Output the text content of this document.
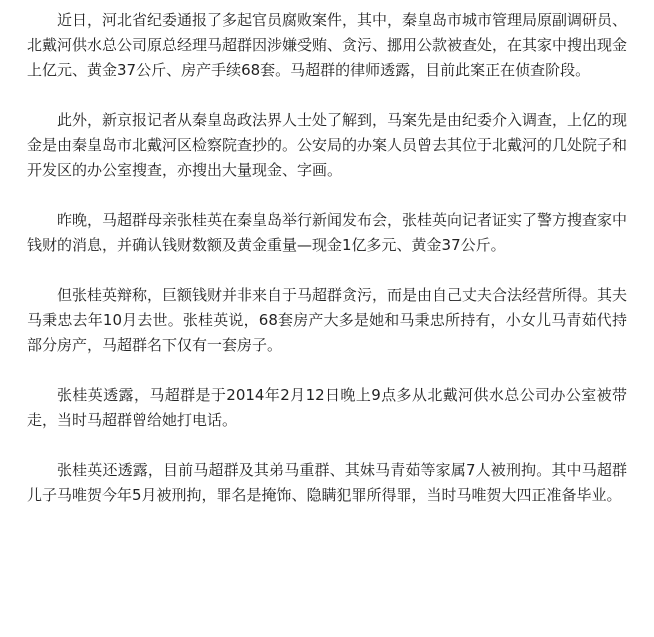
近日，河北省纪委通报了多起官员腐败案件，其中，秦皇岛市城市管理局原副调研员、北戴河供水总公司原总经理马超群因涉嫌受贿、贪污、挪用公款被查处，在其家中搜出现金上亿元、黄金37公斤、房产手续68套。马超群的律师透露，目前此案正在侦查阶段。

此外，新京报记者从秦皇岛政法界人士处了解到，马案先是由纪委介入调查，上亿的现金是由秦皇岛市北戴河区检察院查抄的。公安局的办案人员曾去其位于北戴河的几处院子和开发区的办公室搜查，亦搜出大量现金、字画。

昨晚，马超群母亲张桂英在秦皇岛举行新闻发布会，张桂英向记者证实了警方搜查家中钱财的消息，并确认钱财数额及黄金重量—现金1亿多元、黄金37公斤。

但张桂英辩称，巨额钱财并非来自于马超群贪污，而是由自己丈夫合法经营所得。其夫马秉忠去年10月去世。张桂英说，68套房产大多是她和马秉忠所持有，小女儿马青茹代持部分房产，马超群名下仅有一套房子。

张桂英透露，马超群是于2014年2月12日晚上9点多从北戴河供水总公司办公室被带走，当时马超群曾给她打电话。

张桂英还透露，目前马超群及其弟马重群、其妹马青茹等家属7人被刑拘。其中马超群儿子马唯贺今年5月被刑拘，罪名是掩饰、隐瞒犯罪所得罪，当时马唯贺大四正准备毕业。
